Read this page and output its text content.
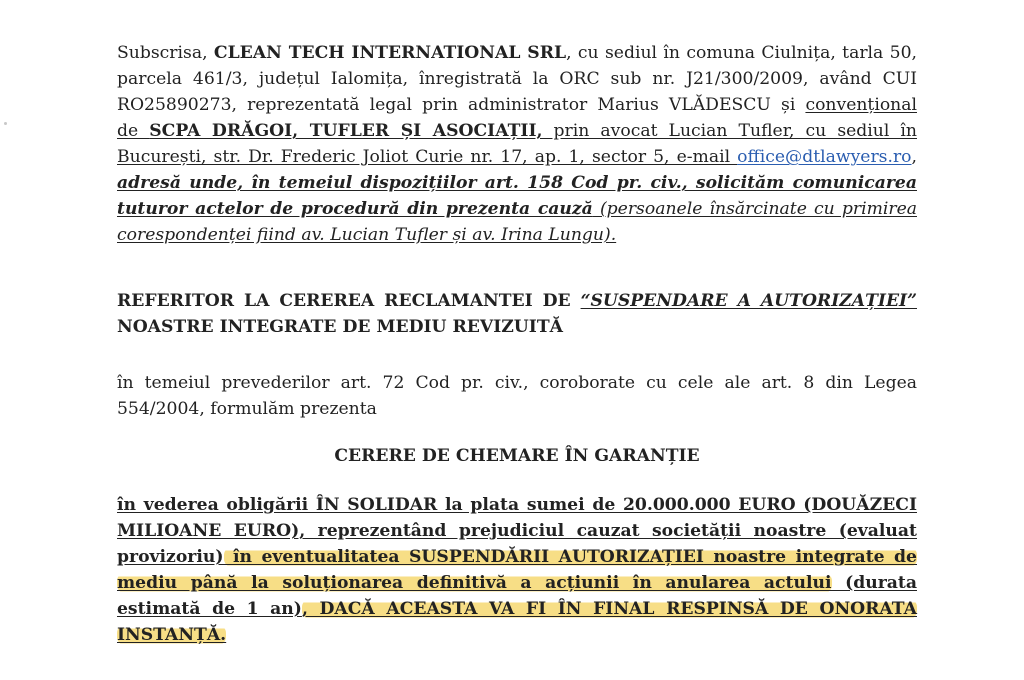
Subscrisa, CLEAN TECH INTERNATIONAL SRL, cu sediul în comuna Ciulnița, tarla 50,
parcela 461/3, județul Ialomița, înregistrată la ORC sub nr. J21/300/2009, având CUI
RO25890273, reprezentată legal prin administrator Marius VLĂDESCU și convențional
de SCPA DRĂGOI, TUFLER ȘI ASOCIAȚII, prin avocat Lucian Tufler, cu sediul în
București, str. Dr. Frederic Joliot Curie nr. 17, ap. 1, sector 5, e-mail office@dtlawyers.ro,
adresă unde, în temeiul dispozițiilor art. 158 Cod pr. civ., solicităm comunicarea
tuturor actelor de procedură din prezenta cauză (persoanele însărcinate cu primirea
corespondenței fiind av. Lucian Tufler și av. Irina Lungu).
REFERITOR LA CEREREA RECLAMANTEI DE “SUSPENDARE A AUTORIZAȚIEI”
NOASTRE INTEGRATE DE MEDIU REVIZUITĂ
în temeiul prevederilor art. 72 Cod pr. civ., coroborate cu cele ale art. 8 din Legea
554/2004, formulăm prezenta
CERERE DE CHEMARE ÎN GARANȚIE
în vederea obligării ÎN SOLIDAR la plata sumei de 20.000.000 EURO (DOUĂZECI
MILIOANE EURO), reprezentând prejudiciul cauzat societății noastre (evaluat
provizoriu) în eventualitatea SUSPENDĂRII AUTORIZAȚIEI noastre integrate de
mediu până la soluționarea definitivă a acțiunii în anularea actului (durata
estimată de 1 an), DACĂ ACEASTA VA FI ÎN FINAL RESPINSĂ DE ONORATA
INSTANȚĂ.
